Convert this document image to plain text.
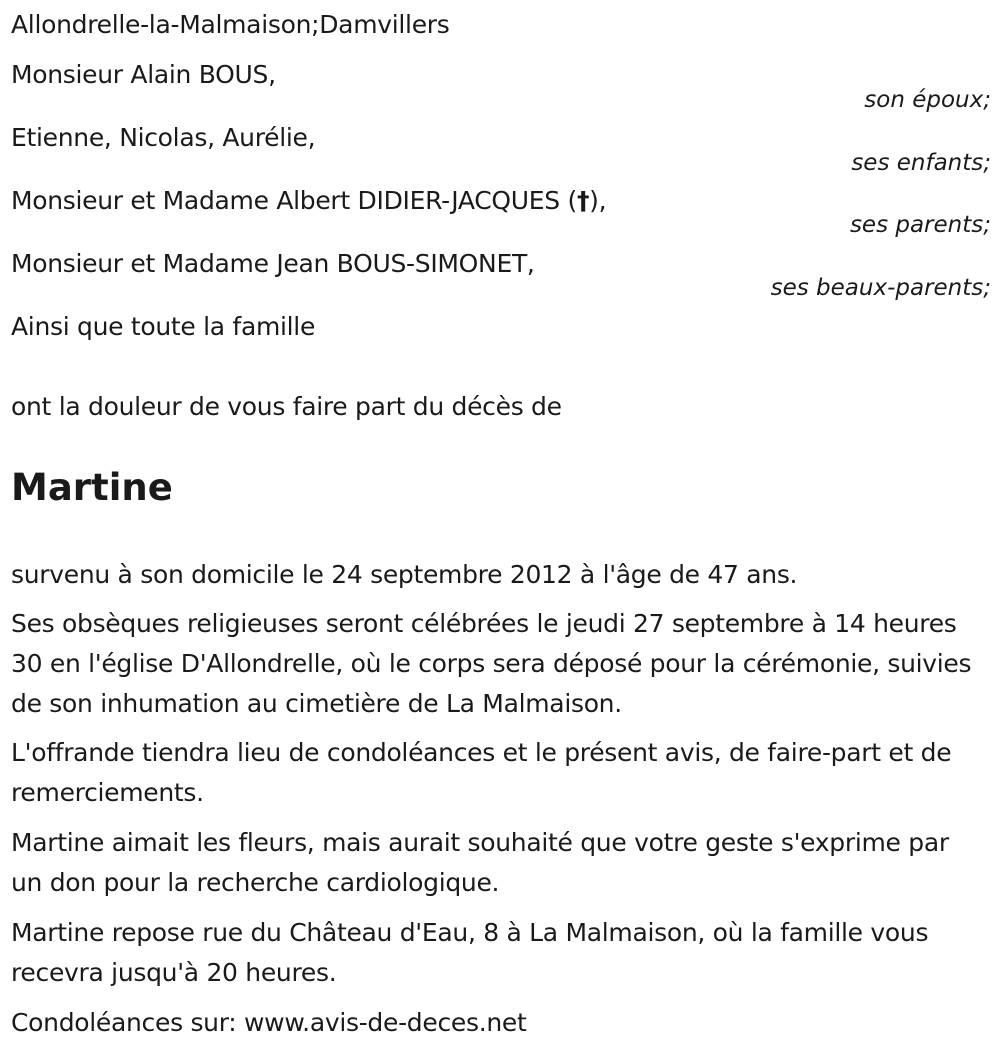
Allondrelle-la-Malmaison;Damvillers
Monsieur Alain BOUS,
son époux;
Etienne, Nicolas, Aurélie,
ses enfants;
Monsieur et Madame Albert DIDIER-JACQUES (†),
ses parents;
Monsieur et Madame Jean BOUS-SIMONET,
ses beaux-parents;
Ainsi que toute la famille
ont la douleur de vous faire part du décès de
Martine
survenu à son domicile le 24 septembre 2012 à l'âge de 47 ans.
Ses obsèques religieuses seront célébrées le jeudi 27 septembre à 14 heures 30 en l'église D'Allondrelle, où le corps sera déposé pour la cérémonie, suivies de son inhumation au cimetière de La Malmaison.
L'offrande tiendra lieu de condoléances et le présent avis, de faire-part et de remerciements.
Martine aimait les fleurs, mais aurait souhaité que votre geste s'exprime par un don pour la recherche cardiologique.
Martine repose rue du Château d'Eau, 8 à La Malmaison, où la famille vous recevra jusqu'à 20 heures.
Condoléances sur: www.avis-de-deces.net
